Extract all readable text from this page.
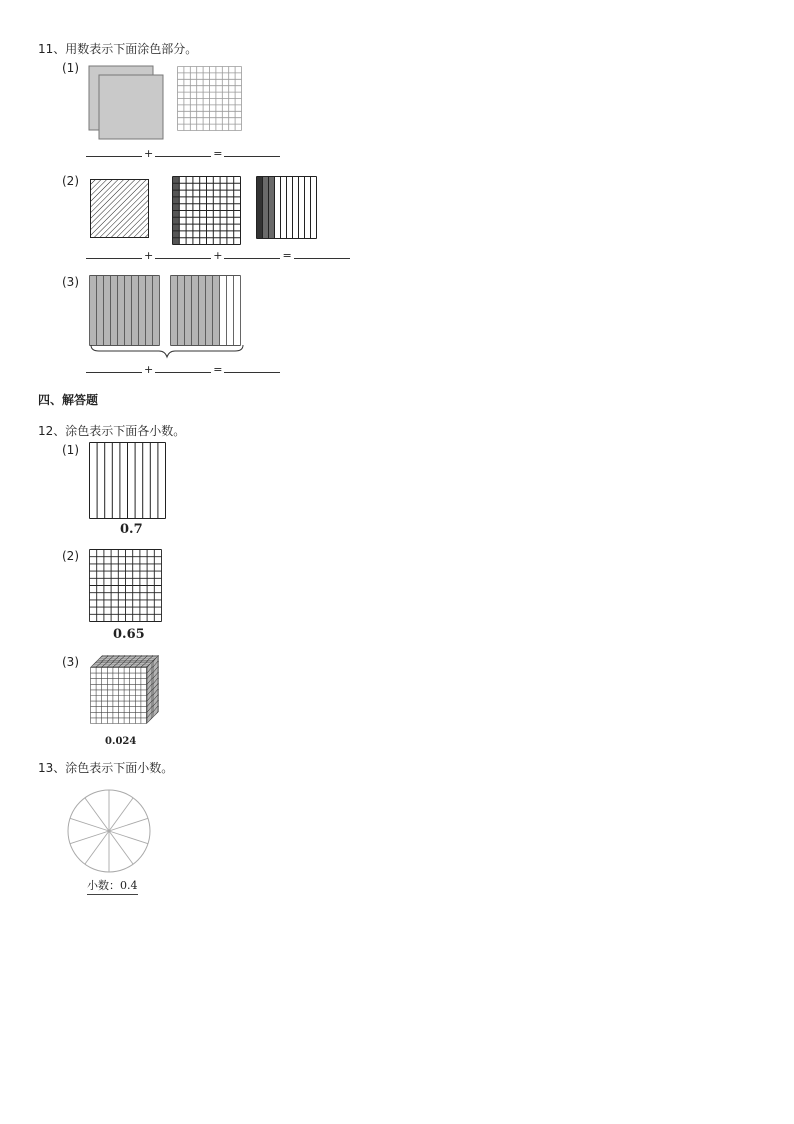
11、用数表示下面涂色部分。
(1)
+	=
(2)
+	+	=
(3)
+	=
四、解答题
12、涂色表示下面各小数。
(1)
0.7
(2)
0.65
(3)
0.024
13、涂色表示下面小数。
小数：0.4
